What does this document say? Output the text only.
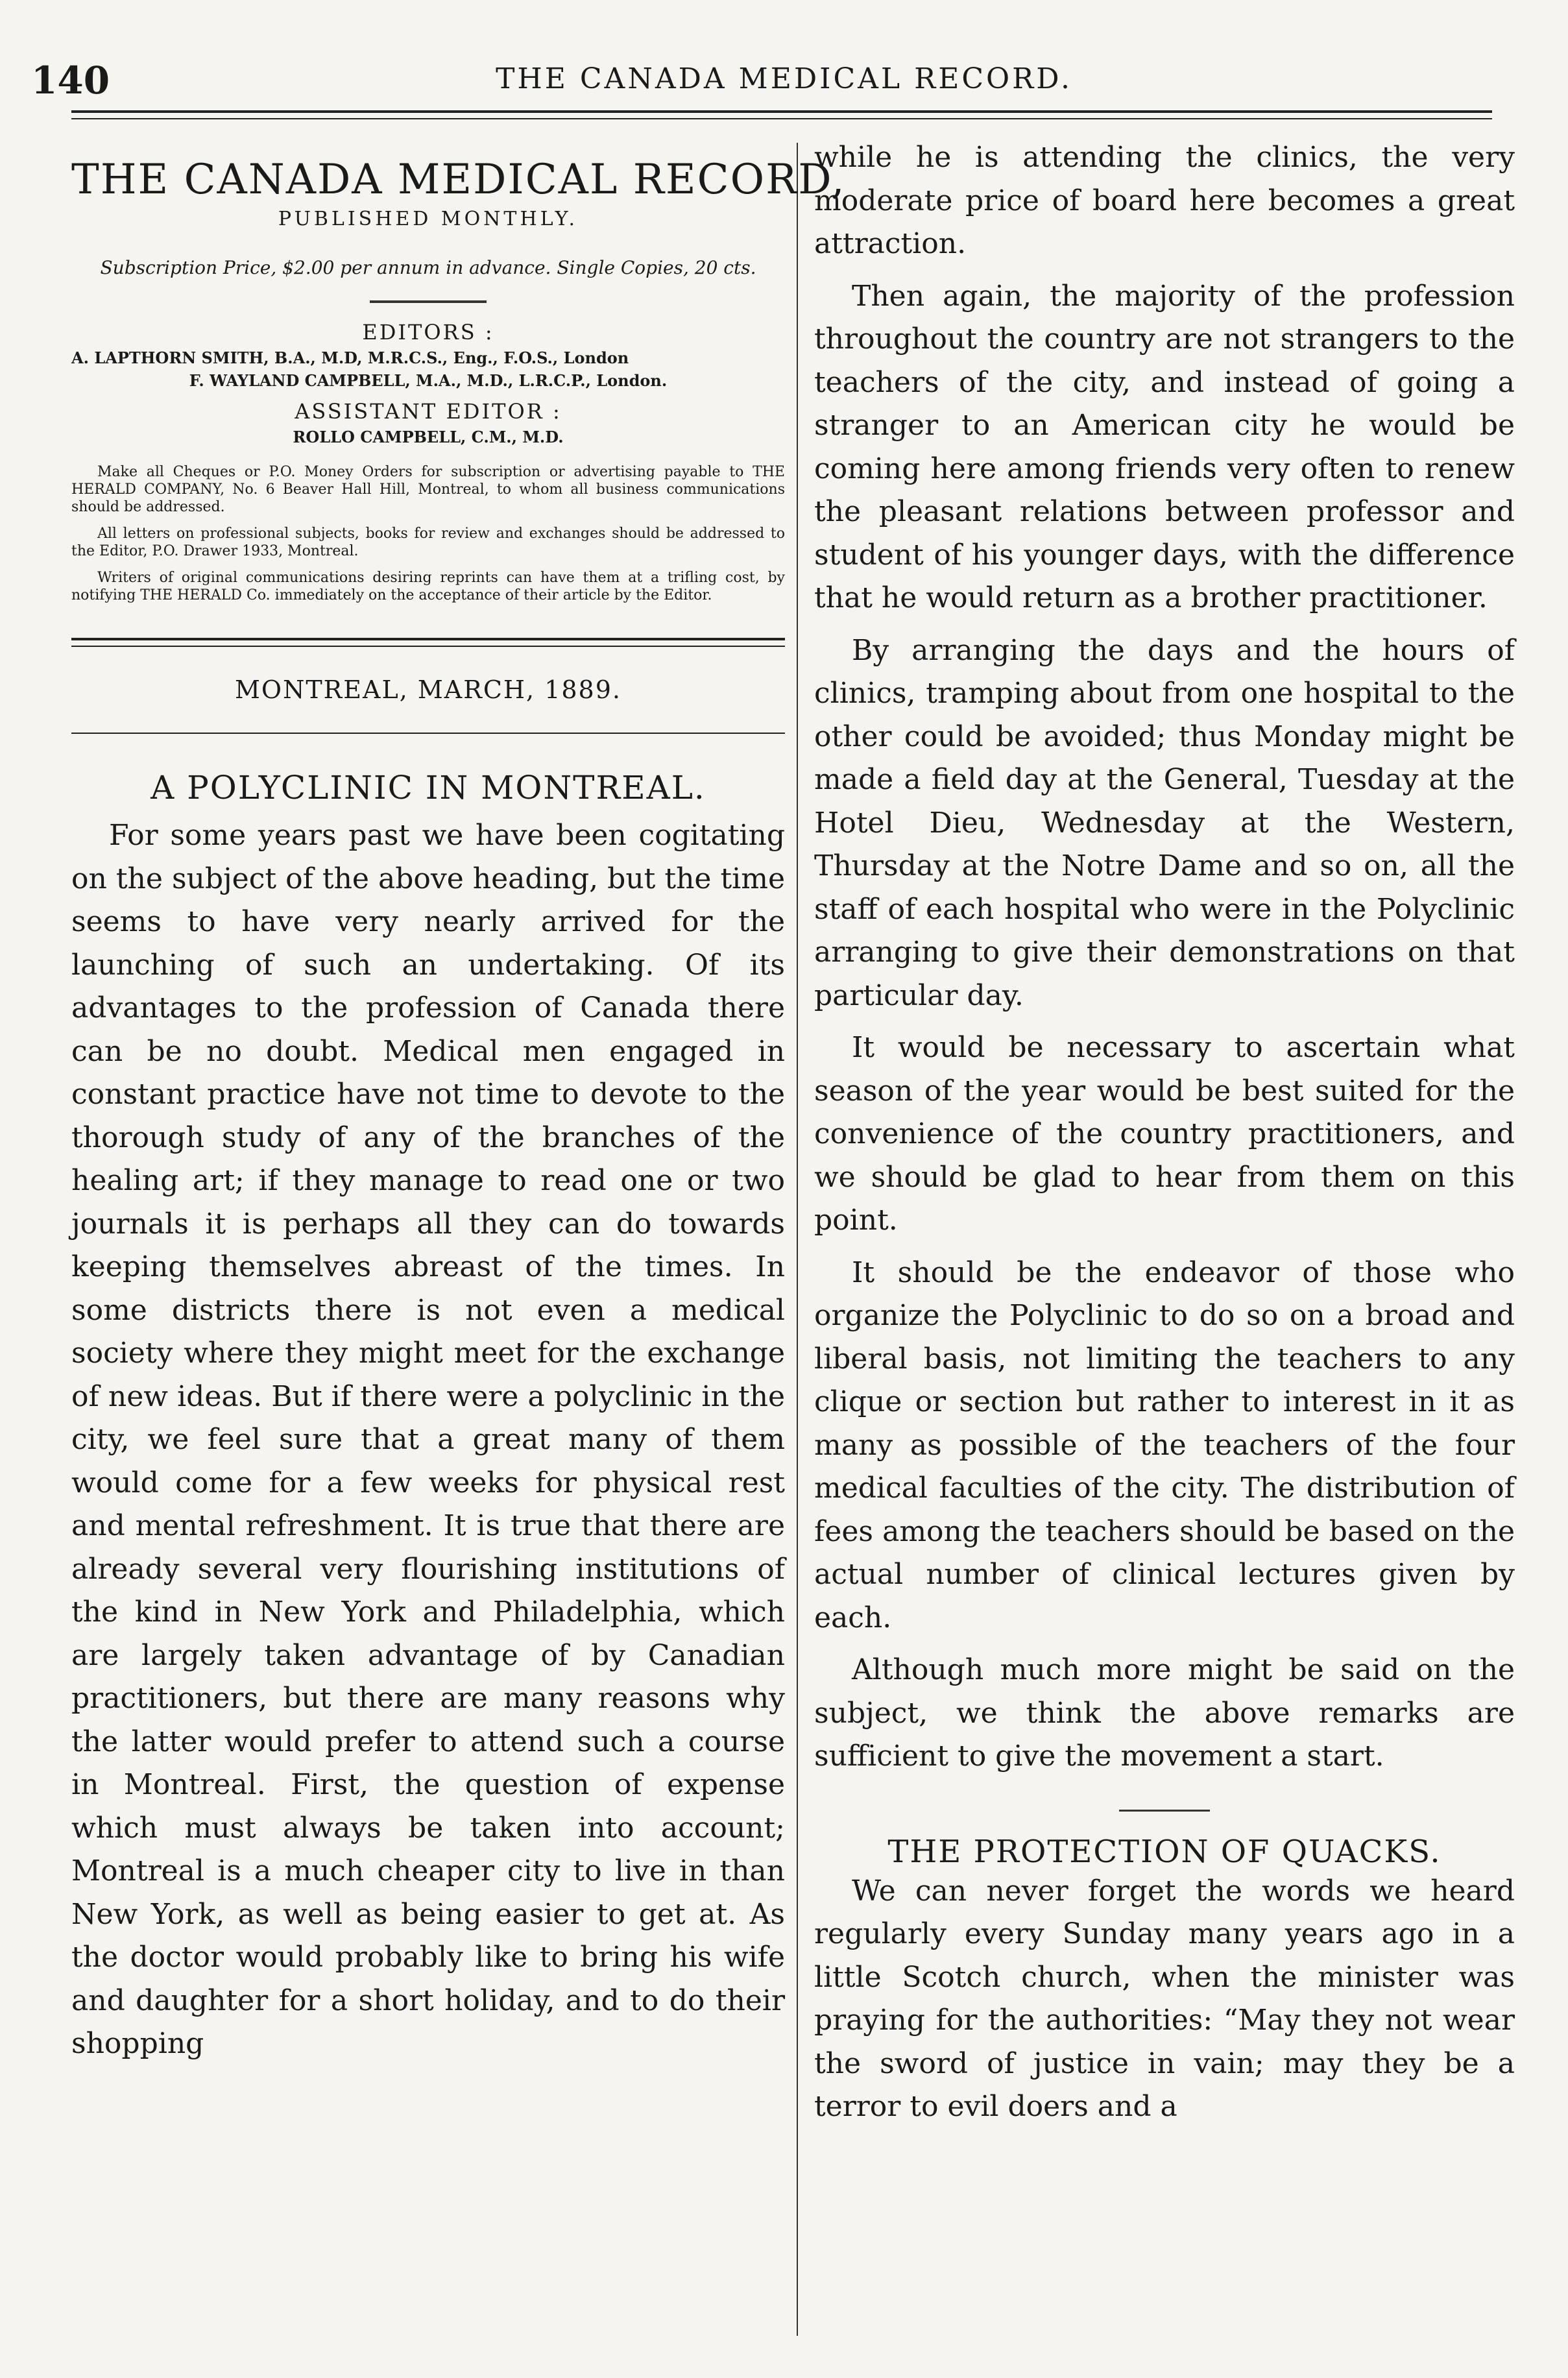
140	THE CANADA MEDICAL RECORD.
THE CANADA MEDICAL RECORD,
PUBLISHED MONTHLY.
Subscription Price, $2.00 per annum in advance. Single Copies, 20 cts.
EDITORS :
A. LAPTHORN SMITH, B.A., M.D, M.R.C.S., Eng., F.O.S., London
F. WAYLAND CAMPBELL, M.A., M.D., L.R.C.P., London.
ASSISTANT EDITOR :
ROLLO CAMPBELL, C.M., M.D.
Make all Cheques or P.O. Money Orders for subscription or advertising payable to THE HERALD COMPANY, No. 6 Beaver Hall Hill, Montreal, to whom all business communications should be addressed.
All letters on professional subjects, books for review and exchanges should be addressed to the Editor, P.O. Drawer 1933, Montreal.
Writers of original communications desiring reprints can have them at a trifling cost, by notifying THE HERALD Co. immediately on the acceptance of their article by the Editor.
MONTREAL, MARCH, 1889.
A POLYCLINIC IN MONTREAL.

For some years past we have been cogitating on the subject of the above heading, but the time seems to have very nearly arrived for the launching of such an undertaking. Of its advantages to the profession of Canada there can be no doubt. Medical men engaged in constant practice have not time to devote to the thorough study of any of the branches of the healing art; if they manage to read one or two journals it is perhaps all they can do towards keeping themselves abreast of the times. In some districts there is not even a medical society where they might meet for the exchange of new ideas. But if there were a polyclinic in the city, we feel sure that a great many of them would come for a few weeks for physical rest and mental refreshment. It is true that there are already several very flourishing institutions of the kind in New York and Philadelphia, which are largely taken advantage of by Canadian practitioners, but there are many reasons why the latter would prefer to attend such a course in Montreal. First, the question of expense which must always be taken into account; Montreal is a much cheaper city to live in than New York, as well as being easier to get at. As the doctor would probably like to bring his wife and daughter for a short holiday, and to do their shopping

while he is attending the clinics, the very moderate price of board here becomes a great attraction.

Then again, the majority of the profession throughout the country are not strangers to the teachers of the city, and instead of going a stranger to an American city he would be coming here among friends very often to renew the pleasant relations between professor and student of his younger days, with the difference that he would return as a brother practitioner.

By arranging the days and the hours of clinics, tramping about from one hospital to the other could be avoided; thus Monday might be made a field day at the General, Tuesday at the Hotel Dieu, Wednesday at the Western, Thursday at the Notre Dame and so on, all the staff of each hospital who were in the Polyclinic arranging to give their demonstrations on that particular day.

It would be necessary to ascertain what season of the year would be best suited for the convenience of the country practitioners, and we should be glad to hear from them on this point.

It should be the endeavor of those who organize the Polyclinic to do so on a broad and liberal basis, not limiting the teachers to any clique or section but rather to interest in it as many as possible of the teachers of the four medical faculties of the city. The distribution of fees among the teachers should be based on the actual number of clinical lectures given by each.

Although much more might be said on the subject, we think the above remarks are sufficient to give the movement a start.

THE PROTECTION OF QUACKS.

We can never forget the words we heard regularly every Sunday many years ago in a little Scotch church, when the minister was praying for the authorities: “May they not wear the sword of justice in vain; may they be a terror to evil doers and a
